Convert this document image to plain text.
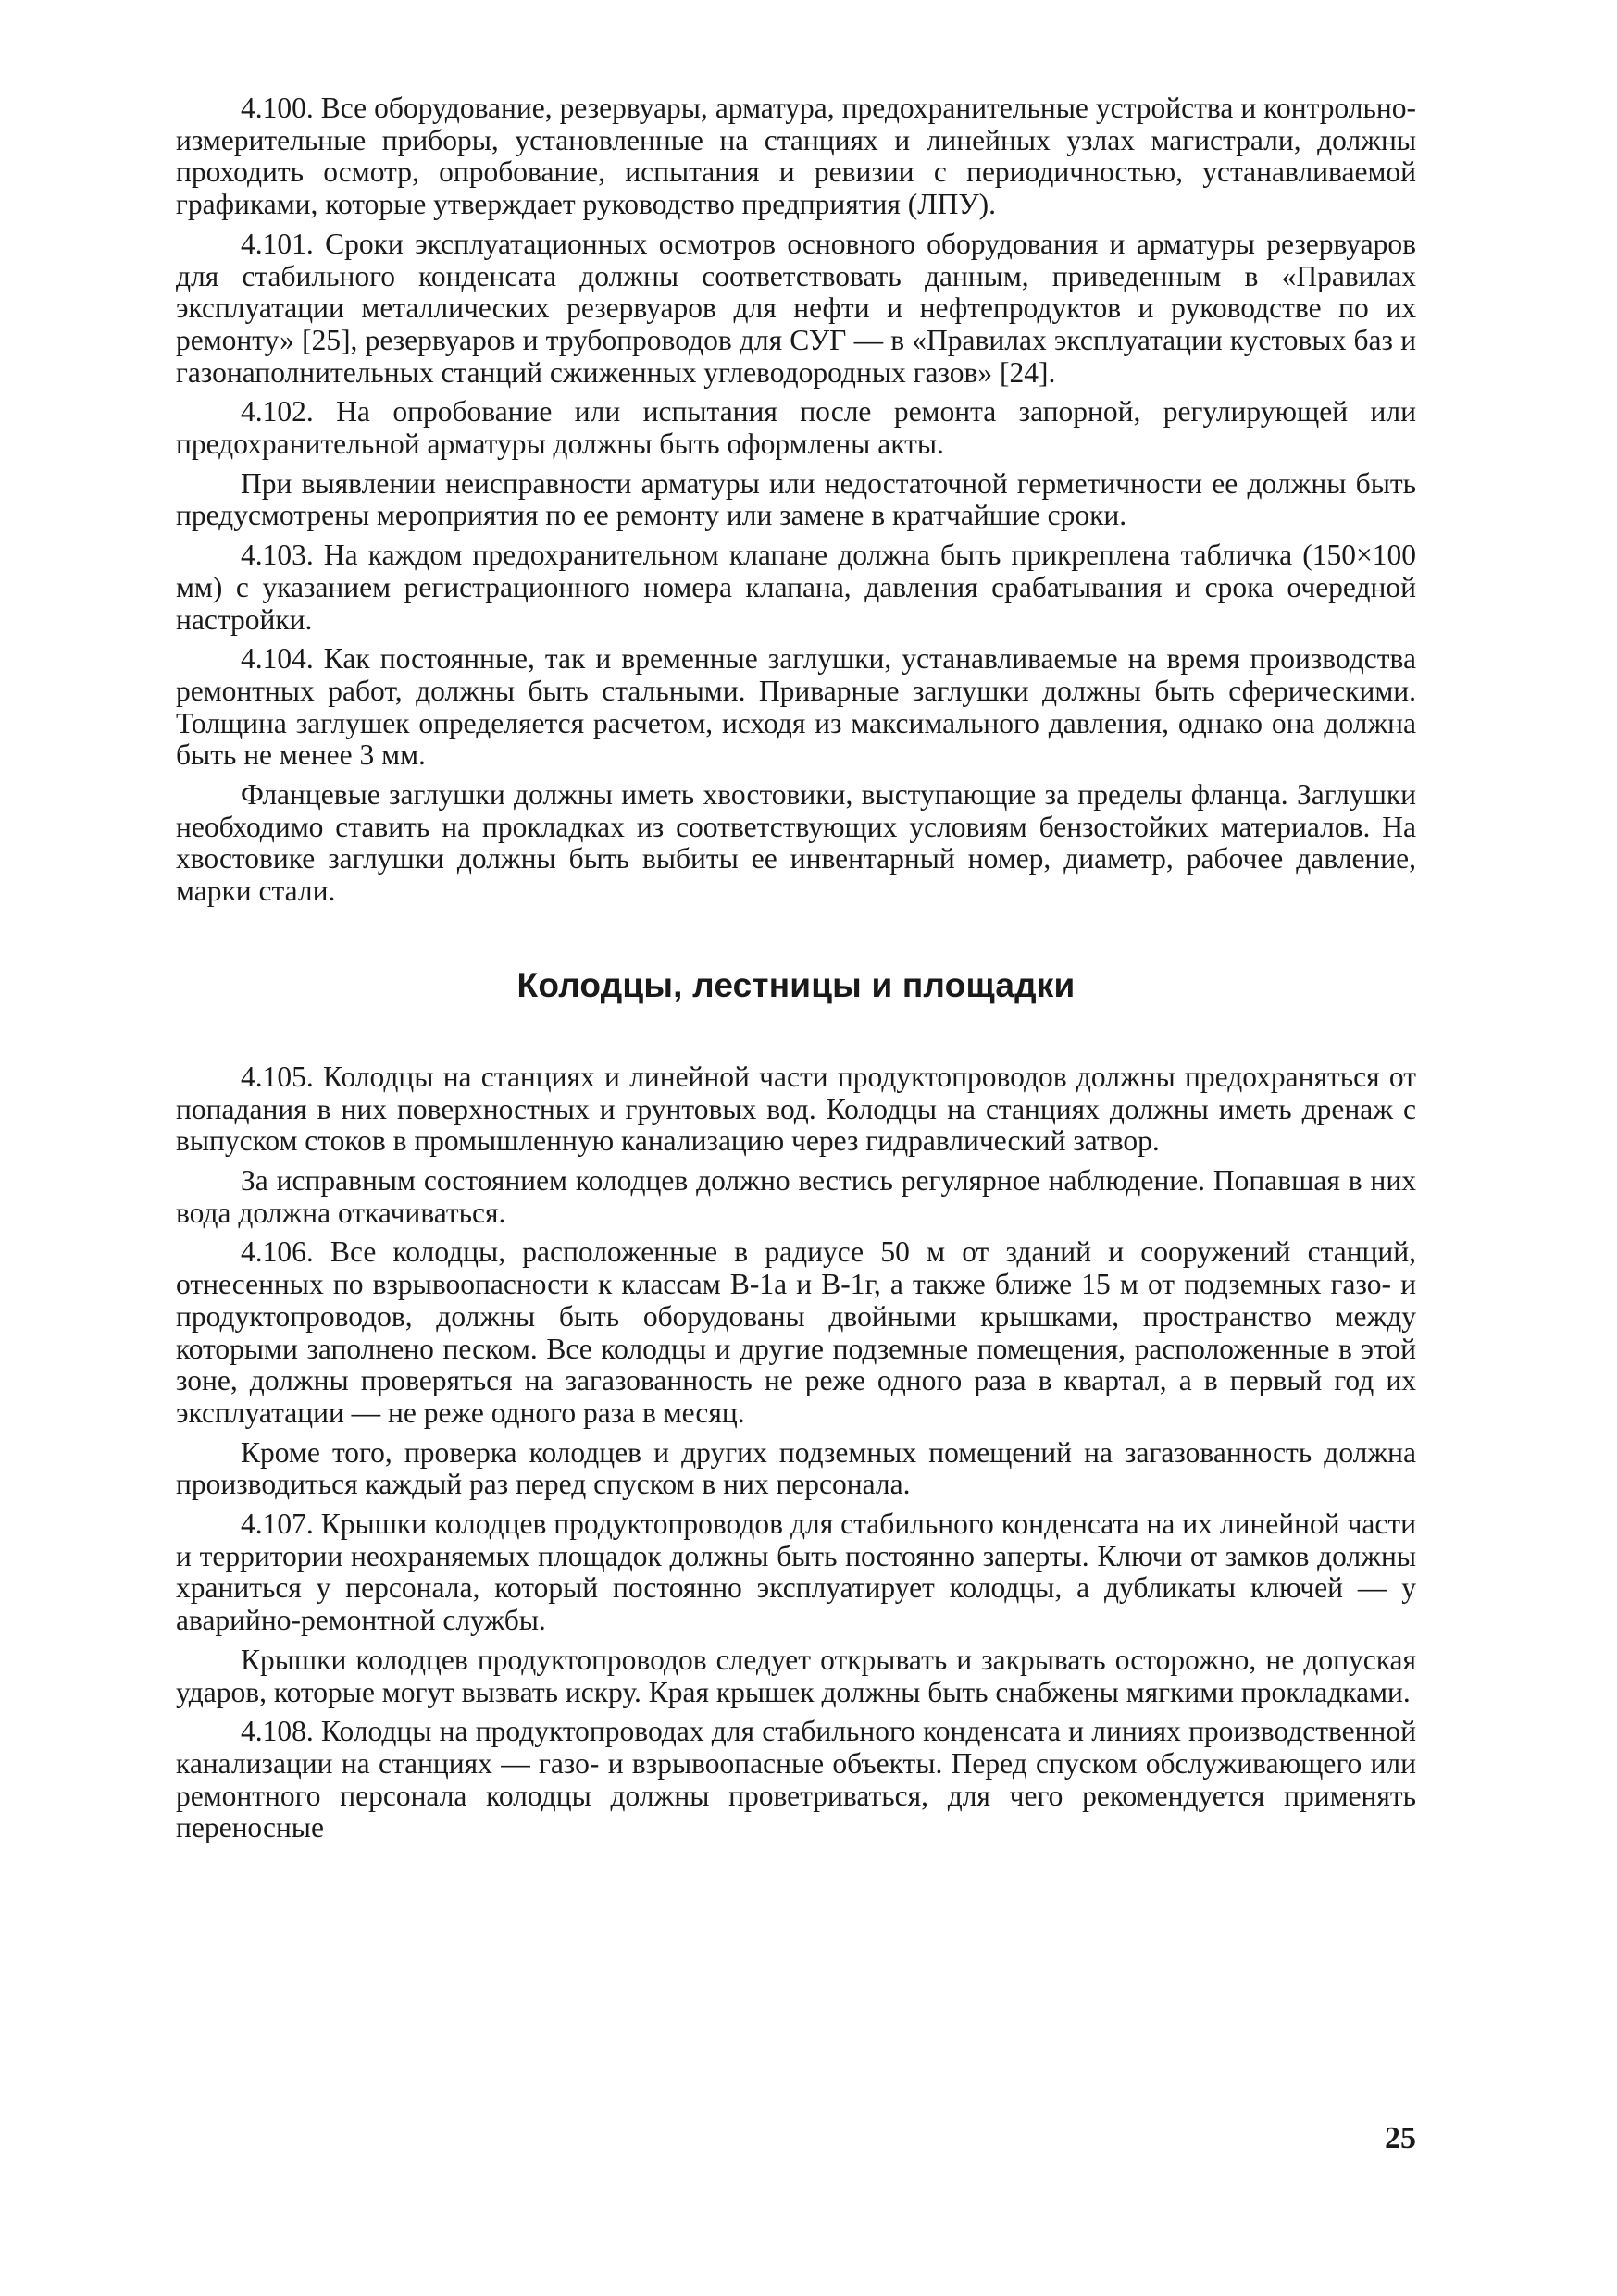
4.100. Все оборудование, резервуары, арматура, предохранительные устройства и контрольно-измерительные приборы, установленные на станциях и линейных узлах магистрали, должны проходить осмотр, опробование, испытания и ревизии с периодичностью, устанавливаемой графиками, которые утверждает руководство предприятия (ЛПУ).

4.101. Сроки эксплуатационных осмотров основного оборудования и арматуры резервуаров для стабильного конденсата должны соответствовать данным, приведенным в «Правилах эксплуатации металлических резервуаров для нефти и нефтепродуктов и руководстве по их ремонту» [25], резервуаров и трубопроводов для СУГ — в «Правилах эксплуатации кустовых баз и газонаполнительных станций сжиженных углеводородных газов» [24].

4.102. На опробование или испытания после ремонта запорной, регулирующей или предохранительной арматуры должны быть оформлены акты.

При выявлении неисправности арматуры или недостаточной герметичности ее должны быть предусмотрены мероприятия по ее ремонту или замене в кратчайшие сроки.

4.103. На каждом предохранительном клапане должна быть прикреплена табличка (150×100 мм) с указанием регистрационного номера клапана, давления срабатывания и срока очередной настройки.

4.104. Как постоянные, так и временные заглушки, устанавливаемые на время производства ремонтных работ, должны быть стальными. Приварные заглушки должны быть сферическими. Толщина заглушек определяется расчетом, исходя из максимального давления, однако она должна быть не менее 3 мм.

Фланцевые заглушки должны иметь хвостовики, выступающие за пределы фланца. Заглушки необходимо ставить на прокладках из соответствующих условиям бензостойких материалов. На хвостовике заглушки должны быть выбиты ее инвентарный номер, диаметр, рабочее давление, марки стали.

Колодцы, лестницы и площадки

4.105. Колодцы на станциях и линейной части продуктопроводов должны предохраняться от попадания в них поверхностных и грунтовых вод. Колодцы на станциях должны иметь дренаж с выпуском стоков в промышленную канализацию через гидравлический затвор.

За исправным состоянием колодцев должно вестись регулярное наблюдение. Попавшая в них вода должна откачиваться.

4.106. Все колодцы, расположенные в радиусе 50 м от зданий и сооружений станций, отнесенных по взрывоопасности к классам В-1а и В-1г, а также ближе 15 м от подземных газо- и продуктопроводов, должны быть оборудованы двойными крышками, пространство между которыми заполнено песком. Все колодцы и другие подземные помещения, расположенные в этой зоне, должны проверяться на загазованность не реже одного раза в квартал, а в первый год их эксплуатации — не реже одного раза в месяц.

Кроме того, проверка колодцев и других подземных помещений на загазованность должна производиться каждый раз перед спуском в них персонала.

4.107. Крышки колодцев продуктопроводов для стабильного конденсата на их линейной части и территории неохраняемых площадок должны быть постоянно заперты. Ключи от замков должны храниться у персонала, который постоянно эксплуатирует колодцы, а дубликаты ключей — у аварийно-ремонтной службы.

Крышки колодцев продуктопроводов следует открывать и закрывать осторожно, не допуская ударов, которые могут вызвать искру. Края крышек должны быть снабжены мягкими прокладками.

4.108. Колодцы на продуктопроводах для стабильного конденсата и линиях производственной канализации на станциях — газо- и взрывоопасные объекты. Перед спуском обслуживающего или ремонтного персонала колодцы должны проветриваться, для чего рекомендуется применять переносные

25
